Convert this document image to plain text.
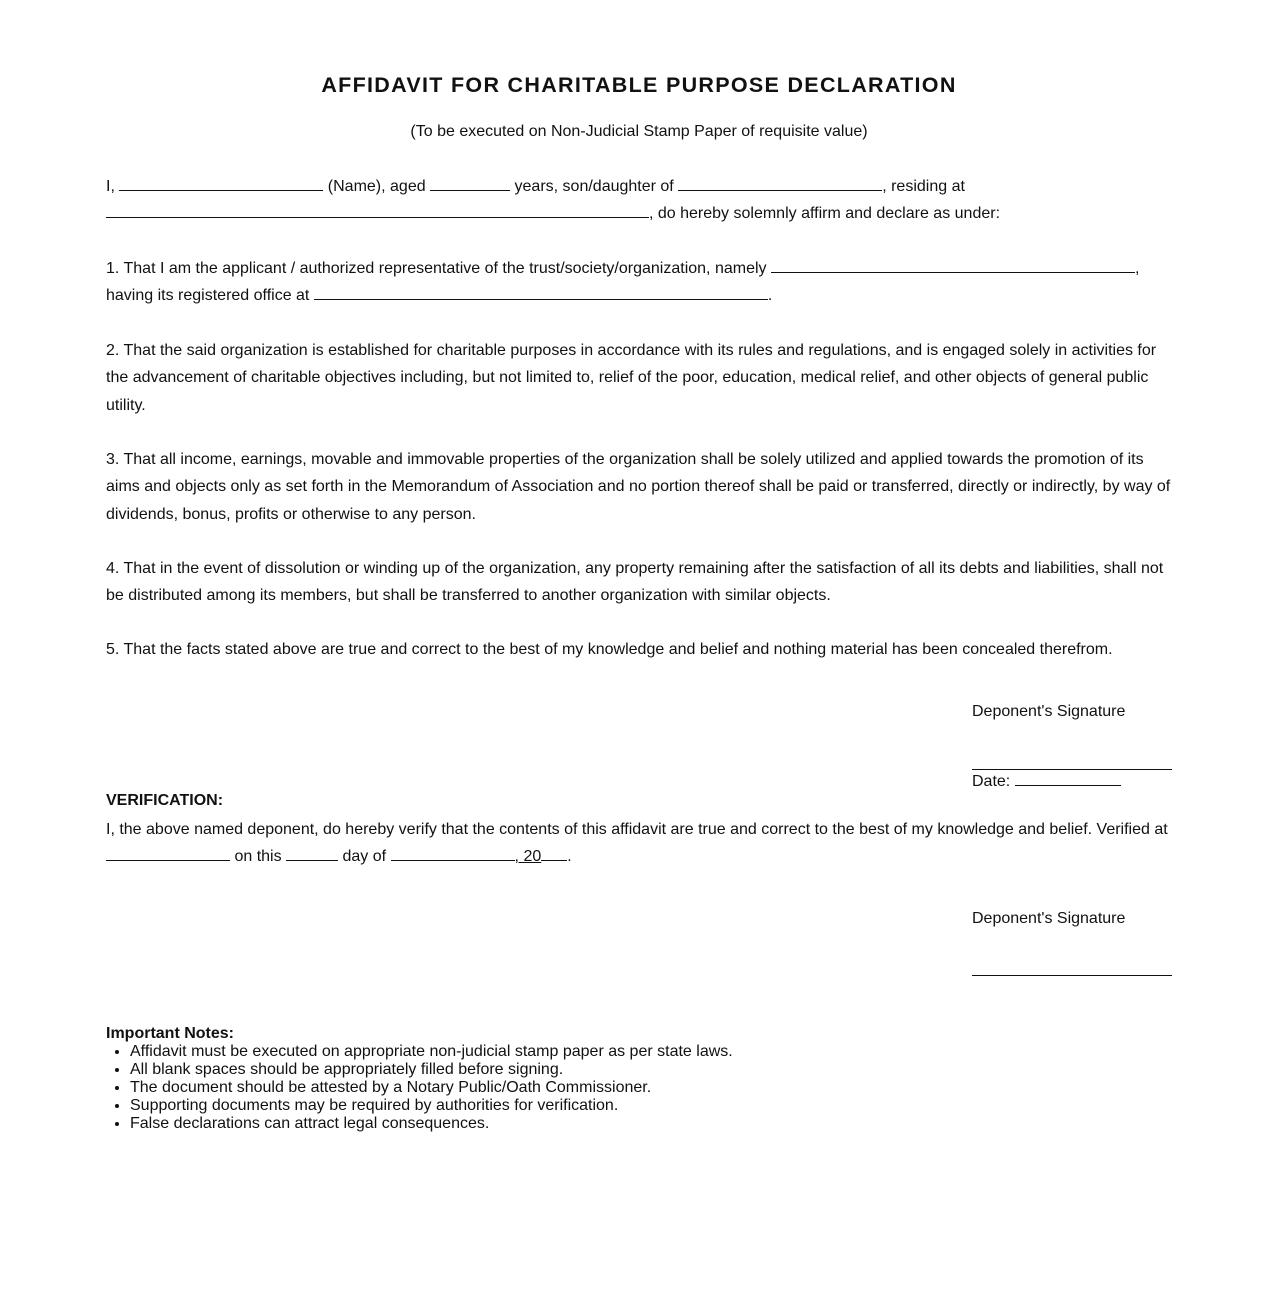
AFFIDAVIT FOR CHARITABLE PURPOSE DECLARATION
(To be executed on Non-Judicial Stamp Paper of requisite value)

I,	(Name), aged	years, son/daughter of	, residing at
, do hereby solemnly affirm and declare as under:

1. That I am the applicant / authorized representative of the trust/society/organization, namely	,
having its registered office at	.

2. That the said organization is established for charitable purposes in accordance with its rules and regulations, and is engaged solely in activities for the advancement of charitable objectives including, but not limited to, relief of the poor, education, medical relief, and other objects of general public utility.

3. That all income, earnings, movable and immovable properties of the organization shall be solely utilized and applied towards the promotion of its aims and objects only as set forth in the Memorandum of Association and no portion thereof shall be paid or transferred, directly or indirectly, by way of dividends, bonus, profits or otherwise to any person.

4. That in the event of dissolution or winding up of the organization, any property remaining after the satisfaction of all its debts and liabilities, shall not be distributed among its members, but shall be transferred to another organization with similar objects.

5. That the facts stated above are true and correct to the best of my knowledge and belief and nothing material has been concealed therefrom.

Deponent's Signature
Date:
VERIFICATION:

I, the above named deponent, do hereby verify that the contents of this affidavit are true and correct to the best of my knowledge and belief. Verified at
on this	day of	, 20 .

Deponent's Signature
Important Notes:
• Affidavit must be executed on appropriate non-judicial stamp paper as per state laws.
• All blank spaces should be appropriately filled before signing.
• The document should be attested by a Notary Public/Oath Commissioner.
• Supporting documents may be required by authorities for verification.
• False declarations can attract legal consequences.
